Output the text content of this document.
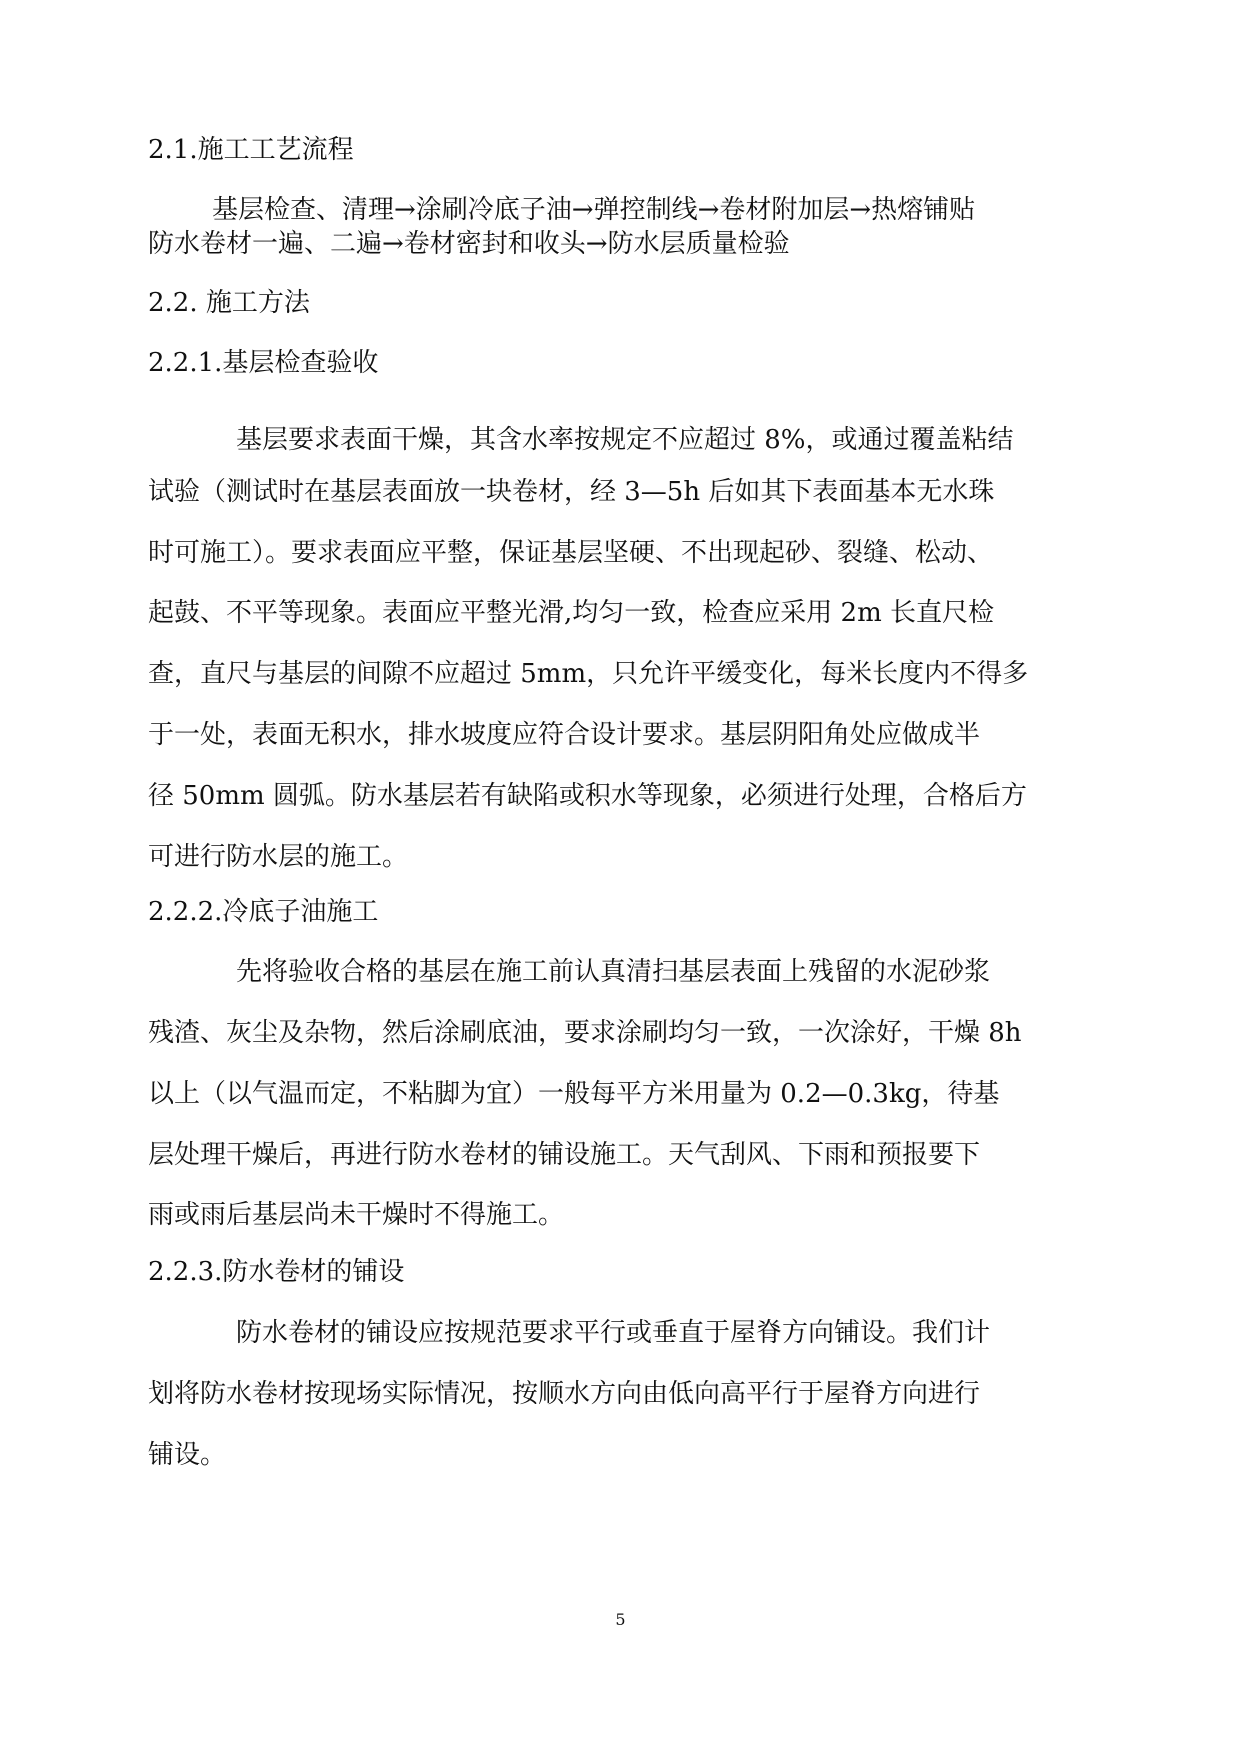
2.1.施工工艺流程
基层检查、清理→涂刷冷底子油→弹控制线→卷材附加层→热熔铺贴
防水卷材一遍、二遍→卷材密封和收头→防水层质量检验
2.2. 施工方法
2.2.1.基层检查验收
基层要求表面干燥，其含水率按规定不应超过 8%，或通过覆盖粘结
试验（测试时在基层表面放一块卷材，经 3—5h 后如其下表面基本无水珠
时可施工）。要求表面应平整，保证基层坚硬、不出现起砂、裂缝、松动、
起鼓、不平等现象。表面应平整光滑,均匀一致，检查应采用 2m 长直尺检
查，直尺与基层的间隙不应超过 5mm，只允许平缓变化，每米长度内不得多
于一处，表面无积水，排水坡度应符合设计要求。基层阴阳角处应做成半
径 50mm 圆弧。防水基层若有缺陷或积水等现象，必须进行处理，合格后方
可进行防水层的施工。
2.2.2.冷底子油施工
先将验收合格的基层在施工前认真清扫基层表面上残留的水泥砂浆
残渣、灰尘及杂物，然后涂刷底油，要求涂刷均匀一致，一次涂好，干燥 8h
以上（以气温而定，不粘脚为宜）一般每平方米用量为 0.2—0.3kg，待基
层处理干燥后，再进行防水卷材的铺设施工。天气刮风、下雨和预报要下
雨或雨后基层尚未干燥时不得施工。
2.2.3.防水卷材的铺设
防水卷材的铺设应按规范要求平行或垂直于屋脊方向铺设。我们计
划将防水卷材按现场实际情况，按顺水方向由低向高平行于屋脊方向进行
铺设。
5
